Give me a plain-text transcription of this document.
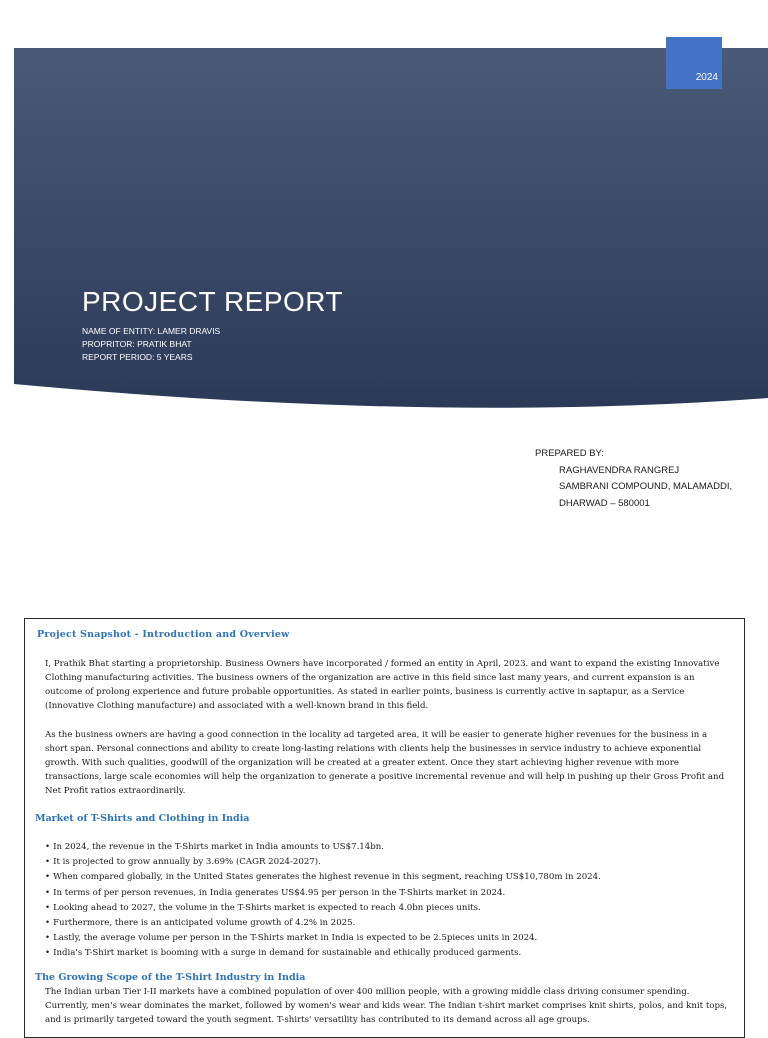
2024
PROJECT REPORT
NAME OF ENTITY: LAMER DRAVIS
PROPRITOR: PRATIK BHAT
REPORT PERIOD: 5 YEARS
PREPARED BY:
RAGHAVENDRA RANGREJ
SAMBRANI COMPOUND, MALAMADDI,
DHARWAD – 580001
Project Snapshot - Introduction and Overview

I, Prathik Bhat starting a proprietorship. Business Owners have incorporated / formed an entity in April, 2023. and want to expand the existing Innovative Clothing manufacturing activities. The business owners of the organization are active in this field since last many years, and current expansion is an outcome of prolong experience and future probable opportunities. As stated in earlier points, business is currently active in saptapur, as a Service (Innovative Clothing manufacture) and associated with a well-known brand in this field.

As the business owners are having a good connection in the locality ad targeted area, it will be easier to generate higher revenues for the business in a short span. Personal connections and ability to create long-lasting relations with clients help the businesses in service industry to achieve exponential growth. With such qualities, goodwill of the organization will be created at a greater extent. Once they start achieving higher revenue with more transactions, large scale economies will help the organization to generate a positive incremental revenue and will help in pushing up their Gross Profit and Net Profit ratios extraordinarily.

Market of T-Shirts and Clothing in India
• In 2024, the revenue in the T-Shirts market in India amounts to US$7.14bn.
• It is projected to grow annually by 3.69% (CAGR 2024-2027).
• When compared globally, in the United States generates the highest revenue in this segment, reaching US$10,780m in 2024.
• In terms of per person revenues, in India generates US$4.95 per person in the T-Shirts market in 2024.
• Looking ahead to 2027, the volume in the T-Shirts market is expected to reach 4.0bn pieces units.
• Furthermore, there is an anticipated volume growth of 4.2% in 2025.
• Lastly, the average volume per person in the T-Shirts market in India is expected to be 2.5pieces units in 2024.
• India's T-Shirt market is booming with a surge in demand for sustainable and ethically produced garments.
The Growing Scope of the T-Shirt Industry in India

The Indian urban Tier I-II markets have a combined population of over 400 million people, with a growing middle class driving consumer spending. Currently, men's wear dominates the market, followed by women's wear and kids wear. The Indian t-shirt market comprises knit shirts, polos, and knit tops, and is primarily targeted toward the youth segment. T-shirts' versatility has contributed to its demand across all age groups.
